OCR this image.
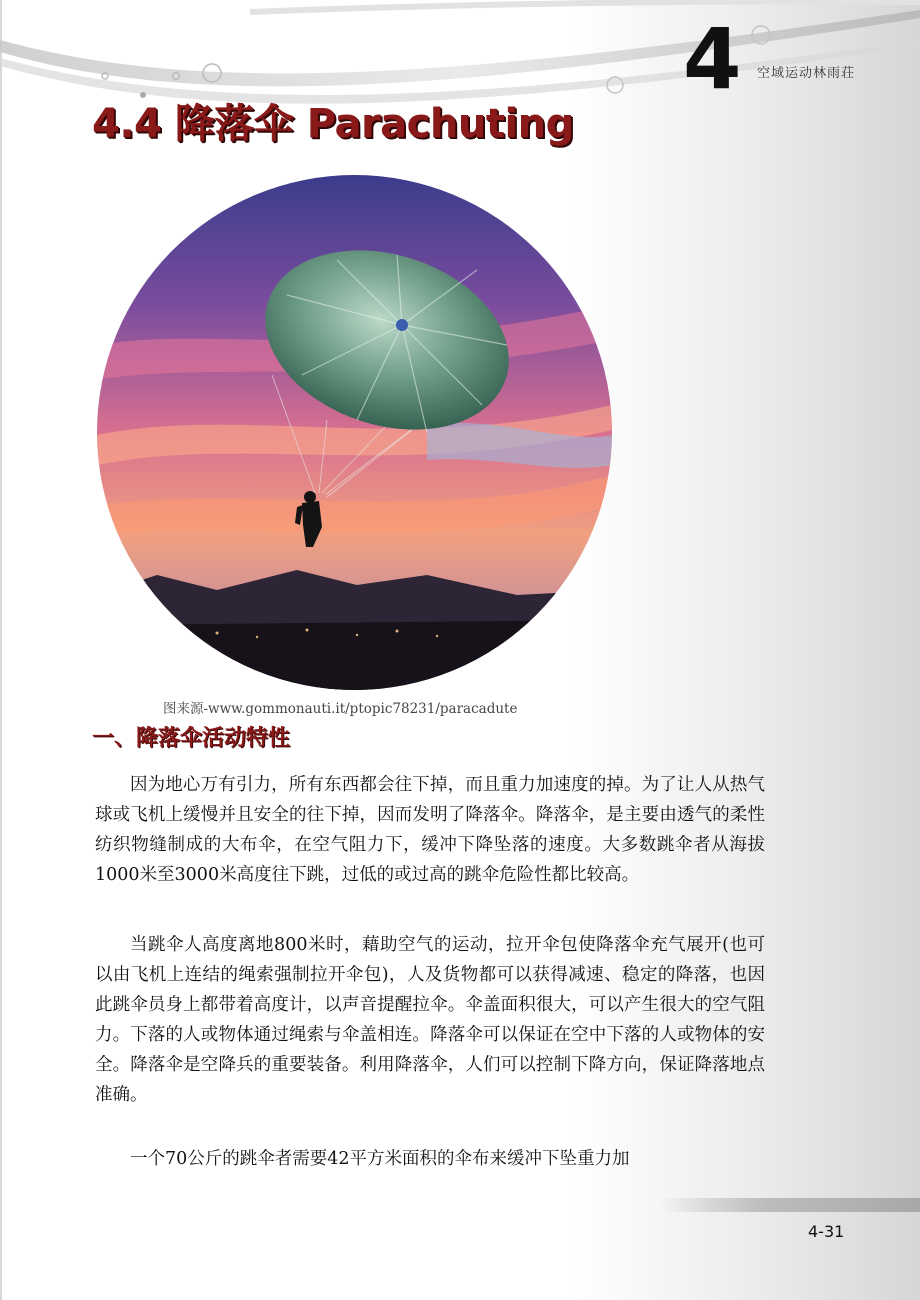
4	空域运动林雨荘
4.4 降落伞 Parachuting
图来源-www.gommonauti.it/ptopic78231/paracadute
一、降落伞活动特性

因为地心万有引力，所有东西都会往下掉，而且重力加速度的掉。为了让人从热气球或飞机上缓慢并且安全的往下掉，因而发明了降落伞。降落伞，是主要由透气的柔性 纺织物缝制成的大布伞，在空气阻力下，缓冲下降坠落的速度。大多数跳伞者从海拔1000米至3000米高度往下跳，过低的或过高的跳伞危险性都比较高。

当跳伞人高度离地800米时，藉助空气的运动，拉开伞包使降落伞充气展开(也可以由飞机上连结的绳索强制拉开伞包)，人及货物都可以获得减速、稳定的降落，也因此跳伞员身上都带着高度计，以声音提醒拉伞。伞盖面积很大，可以产生很大的空气阻力。下落的人或物体通过绳索与伞盖相连。降落伞可以保证在空中下落的人或物体的安全。降落伞是空降兵的重要装备。利用降落伞，人们可以控制下降方向，保证降落地点准确。

一个70公斤的跳伞者需要42平方米面积的伞布来缓冲下坠重力加

4-31
